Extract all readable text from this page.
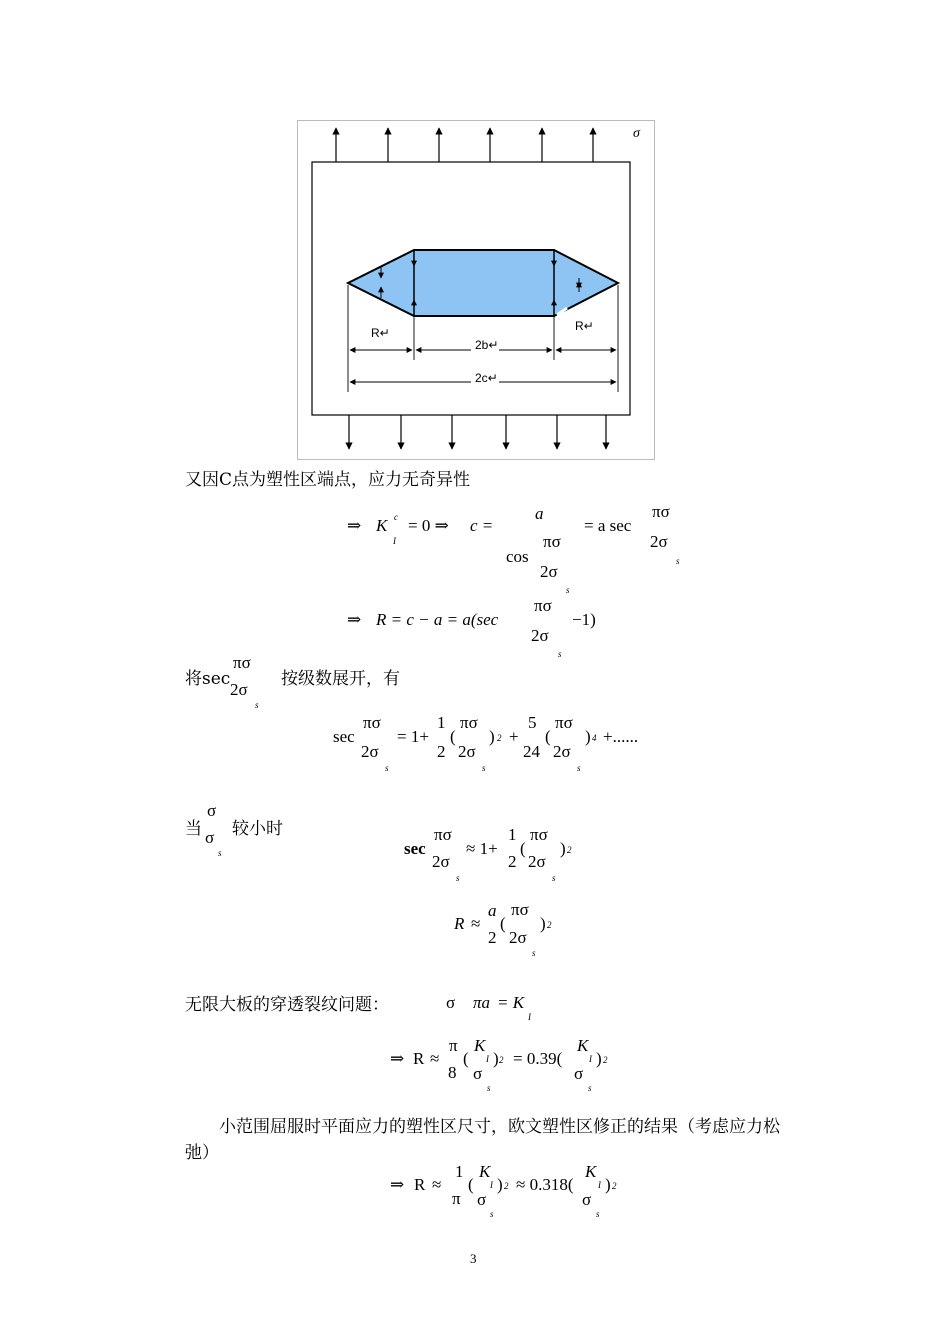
σ
R↵	R↵
2b↵
2c↵
又因C点为塑性区端点，应力无奇异性
⇒ K c
I
= 0 ⇒ c =
a
cos
πσ
2σ
s
= a sec
πσ
2σ
s
⇒ R = c − a = a(sec
πσ
2σ
s
−1)
将sec
πσ
2σ
s
按级数展开，有
sec
πσ
2σ
s
= 1+
1
2
(
πσ
2σ
s
) 2 +
5
24
(
πσ
2σ
s
) 4 +......
当
σ
σ
s
较小时
sec
πσ
2σ
s
≈ 1+
1
2
(
πσ
2σ
s
) 2
R ≈
a
2
(
πσ
2σ
s
) 2
无限大板的穿透裂纹问题：	σ πa = K
I
⇒ R ≈
π
8
(
K
I
σ
s
) 2 = 0.39(
K
I
σ
s
) 2
小范围屈服时平面应力的塑性区尺寸，欧文塑性区修正的结果（考虑应力松
弛）
⇒ R ≈
1
π
(
K
I
σ
s
) 2 ≈ 0.318(
K
I
σ
s
) 2
3
